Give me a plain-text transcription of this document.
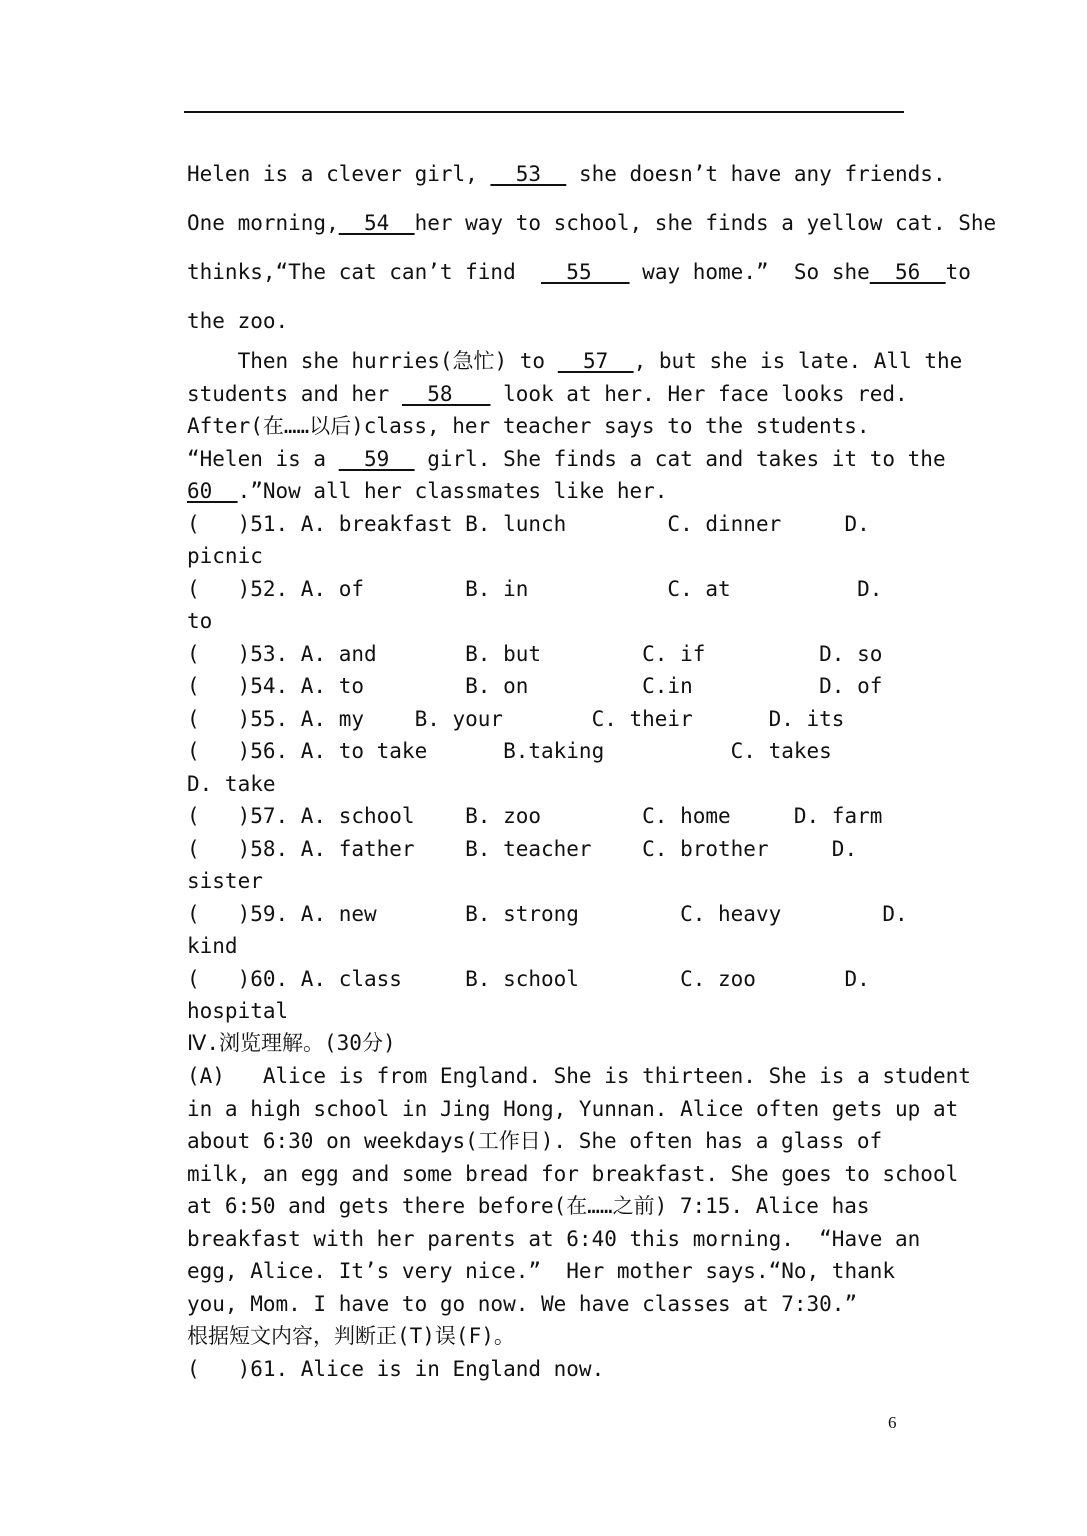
Helen is a clever girl,   53   she doesn’t have any friends.
One morning,  54  her way to school, she finds a yellow cat. She
thinks,“The cat can’t find    55    way home.”  So she  56  to
the zoo.
Then she hurries(急忙) to   57  , but she is late. All the
students and her   58    look at her. Her face looks red.
After(在……以后)class, her teacher says to the students.
“Helen is a   59   girl. She finds a cat and takes it to the
60  .”Now all her classmates like her.
(   )51. A. breakfast B. lunch        C. dinner     D.
picnic
(   )52. A. of        B. in           C. at          D.
to
(   )53. A. and       B. but        C. if         D. so
(   )54. A. to        B. on         C.in          D. of
(   )55. A. my    B. your       C. their      D. its
(   )56. A. to take      B.taking          C. takes
D. take
(   )57. A. school    B. zoo        C. home     D. farm
(   )58. A. father    B. teacher    C. brother     D.
sister
(   )59. A. new       B. strong        C. heavy        D.
kind
(   )60. A. class     B. school        C. zoo       D.
hospital
Ⅳ.浏览理解。(30分)
(A)   Alice is from England. She is thirteen. She is a student
in a high school in Jing Hong, Yunnan. Alice often gets up at
about 6:30 on weekdays(工作日). She often has a glass of
milk, an egg and some bread for breakfast. She goes to school
at 6:50 and gets there before(在……之前) 7:15. Alice has
breakfast with her parents at 6:40 this morning.  “Have an
egg, Alice. It’s very nice.”  Her mother says.“No, thank
you, Mom. I have to go now. We have classes at 7:30.”
根据短文内容，判断正(T)误(F)。
(   )61. Alice is in England now.
6
